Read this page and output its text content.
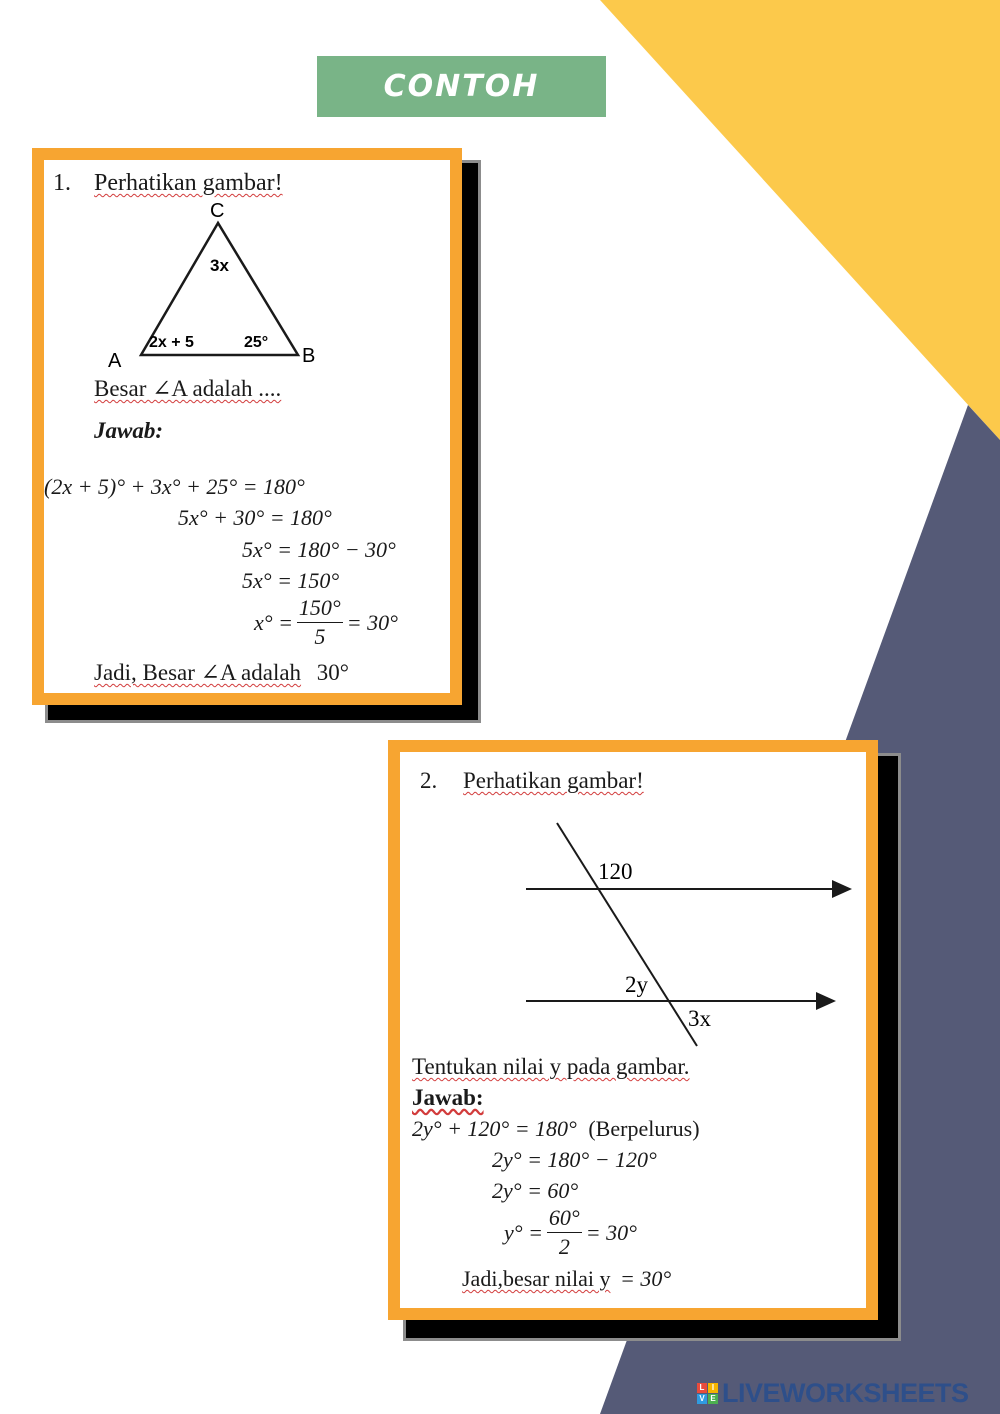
CONTOH
1. Perhatikan gambar!
C
A	B
3x
2x + 5	25°
Besar ∠A adalah ....
Jawab:
(2x + 5)° + 3x° + 25° = 180°
5x° + 30° = 180°
5x° = 180° − 30°
5x° = 150°
$x^\circ = \frac{150^\circ}{5} = 30^\circ$
Jadi, Besar ∠A adalah 30°
2. Perhatikan gambar!
120
2y
3x
Tentukan nilai y pada gambar.
Jawab:
2y° + 120° = 180° (Berpelurus)
2y° = 180° − 120°
2y° = 60°
$y^\circ = \frac{60^\circ}{2} = 30^\circ$
Jadi,besar nilai y = 30°
L I
V E LIVEWORKSHEETS
